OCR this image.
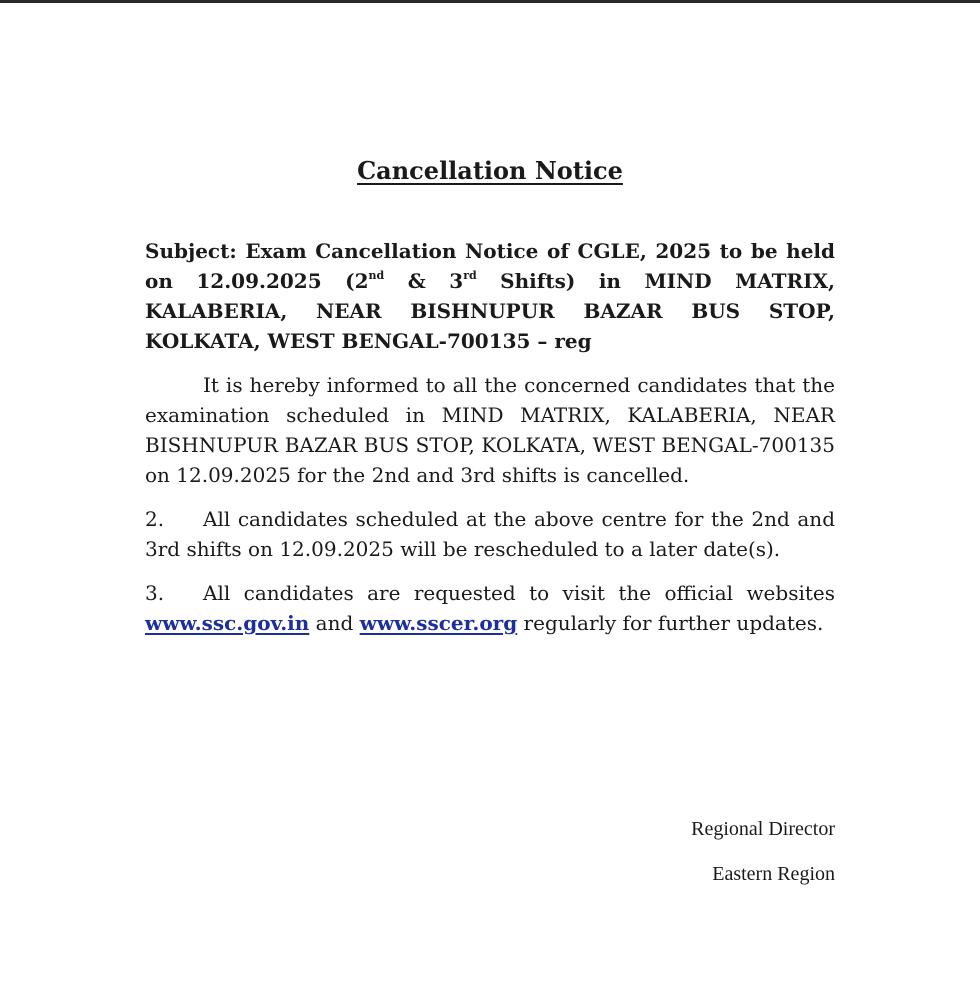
Cancellation Notice

Subject: Exam Cancellation Notice of CGLE, 2025 to be held on 12.09.2025 (2nd & 3rd Shifts) in MIND MATRIX, KALABERIA, NEAR BISHNUPUR BAZAR BUS STOP, KOLKATA, WEST BENGAL-700135 – reg

It is hereby informed to all the concerned candidates that the examination scheduled in MIND MATRIX, KALABERIA, NEAR BISHNUPUR BAZAR BUS STOP, KOLKATA, WEST BENGAL-700135 on 12.09.2025 for the 2nd and 3rd shifts is cancelled.

2. All candidates scheduled at the above centre for the 2nd and 3rd shifts on 12.09.2025 will be rescheduled to a later date(s).

3. All candidates are requested to visit the official websites www.ssc.gov.in and www.sscer.org regularly for further updates.

Regional Director
Eastern Region
